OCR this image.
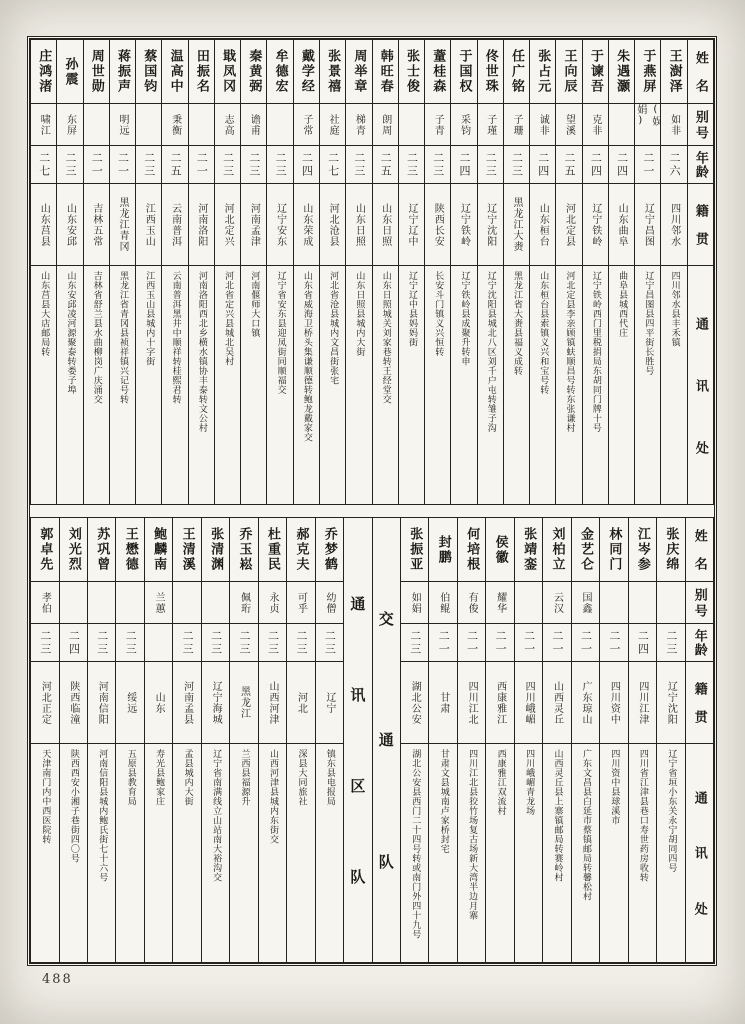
姓
名
别
号
年
龄
籍
贯
通
讯
处
王澍泽
如非
二六
四川邻水
四川邻水县丰禾镇
于燕屏
(娱娟)
二一
辽宁昌图
辽宁昌图县四平街长胜号
朱遇灏
二四
山东曲阜
曲阜县城西代庄
于谏吾
克非
二四
辽宁铁岭
辽宁铁岭西门里税捐局东胡同门牌十号
王向辰
望溪
二五
河北定县
河北定县李亲顾镇蚨顺昌号转东张谦村
张占元
诚非
二四
山东桓台
山东桓台县索镇义兴和宝号转
任广铭
子珊
二三
黑龙江大赉
黑龙江省大赉县福义成转
佟世珠
子瑾
二三
辽宁沈阳
辽宁沈阳县城北八区刘千户屯转雏子沟
于国权
采钧
二四
辽宁铁岭
辽宁铁岭县成聚升转申
蕫桂森
子青
二三
陕西长安
长安斗门镇义兴恒转
张士俊
二三
辽宁辽中
辽宁辽中县妈妈街
韩旺春
朗周
二五
山东日照
山东日照城关刘家巷转王经堂交
周举章
梯青
二三
山东日照
山东日照县城内大街
张景禧
社庭
二七
河北沧县
河北省沧县城内文昌街张宅
戴学经
子常
二四
山东荣成
山东省威海卫桥头集谦顺德转鲍龙戴家交
牟德宏
二三
辽宁安东
辽宁省安东县迎凤街同顺福交
秦黄弼
谵甫
二三
河南孟津
河南偃师大口镇
戢凤冈
志高
二三
河北定兴
河北省定兴县城北吴村
田振名
二一
河南洛阳
河南洛阳西北乡横水镇协丰泰转文公村
温高中
秉衡
二五
云南普洱
云南普洱黑井中顺祥转桂熙君转
蔡国钧
二三
江西玉山
江西玉山县城内十字街
蒋振声
明远
二一
黑龙江青冈
黑龙江省青冈县祯祥镇兴记号转
周世勋
二一
吉林五常
吉林省舒兰县水曲柳岗广庆涌交
孙震
东屏
二三
山东安邱
山东安邱凌河源聚泰转娄子埠
庄鸿渚
啸江
二七
山东莒县
山东莒县大店邮局转
姓
名
别
号
年
龄
籍
贯
通
讯
处
张庆绵
二三
辽宁沈阳
辽宁省垣小东关永宁胡同四号
江岑参
二四
四川江津
四川省江津县巷口寿世药房收转
林同门
二一
四川资中
四川资中县球溪市
金艺仑
国鑫
二一
广东琼山
广东文昌县白延市蔡镇邮局转馨松村
刘柏立
云汉
二一
山西灵丘
山西灵丘县上寨镇邮局转赛岭村
张靖銮
二一
四川峨嵋
四川峨嵋青龙场
侯徽
耀华
二一
西康雅江
西康雅江双流村
何培根
有俊
二一
四川江北
四川江北县狡竹场复古场新大湾半边月寨
封鹏
伯鲲
二一
甘肃
甘肃文县城南卢家桥封宅
张振亚
如娟
二三
湖北公安
湖北公安县西门二十四号转或南门外四十九号
交
通
队
通
讯
区
队
乔梦鹤
幼僧
二三
辽宁
镇东县电报局
郝克夫
可乎
二三
河北
深县大同旅社
杜重民
永贞
二三
山西河津
山西河津县城内东街交
乔玉崧
佩珩
二三
黑龙江
兰西县福源升
张清渊
二三
辽宁海城
辽宁省南满线立山站南大裕沟交
王清溪
二三
河南孟县
孟县城内大街
鲍麟南
兰蕙
山东
寿光县鲍家庄
王懋德
二三
绥远
五原县教育局
苏巩曾
二三
河南信阳
河南信阳县城内鲍氏街七十六号
刘光烈
二四
陕西临潼
陕西西安小湘子巷街四〇号
郭卓先
孝伯
二三
河北正定
天津南门内中西医院转
488
